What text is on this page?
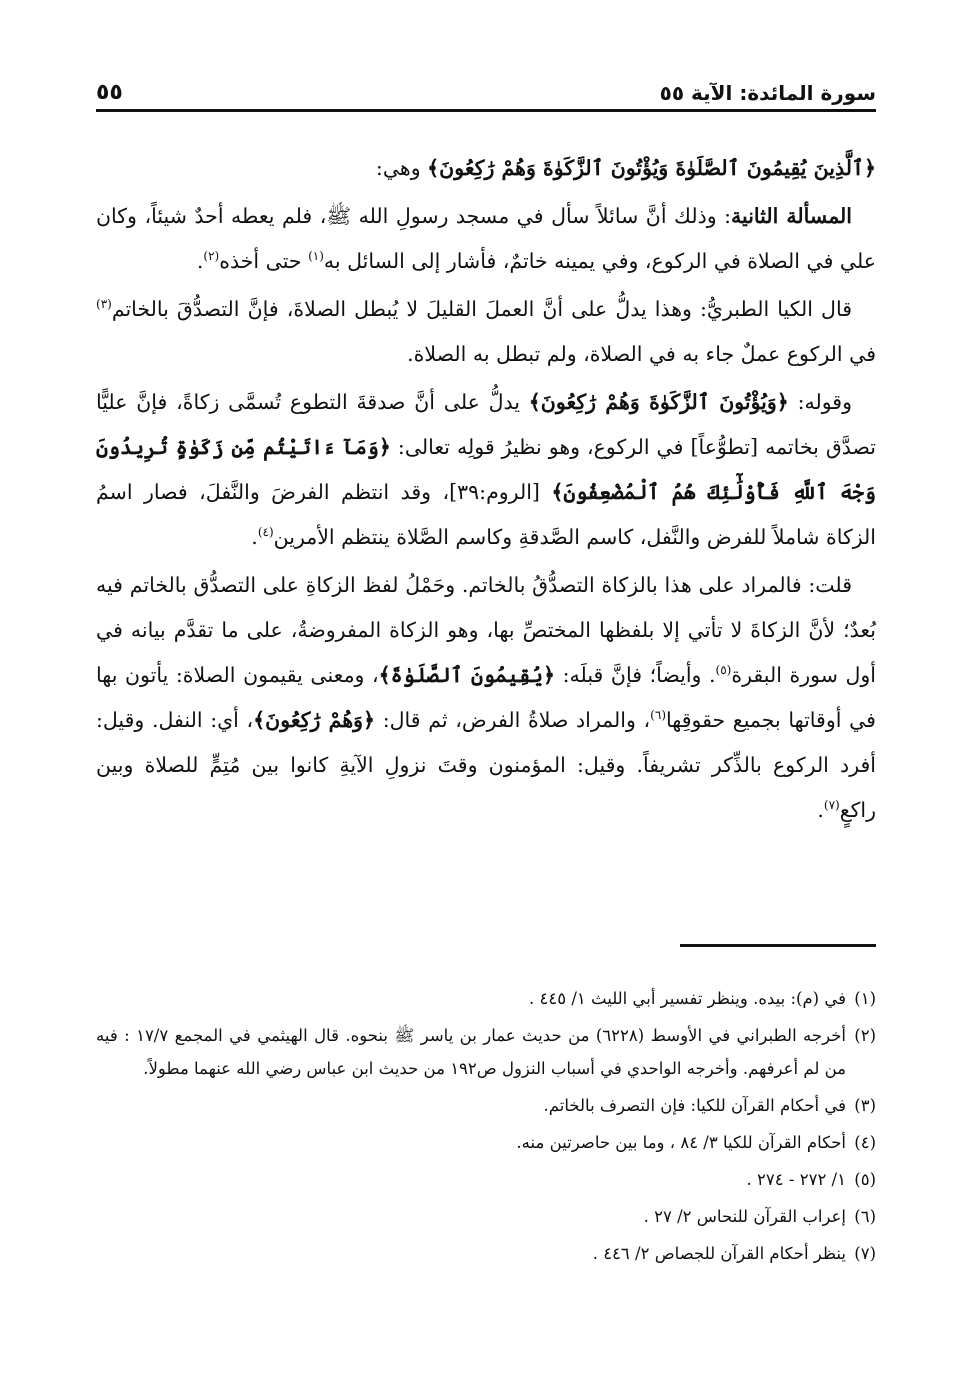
سورة المائدة: الآية ٥٥
٥٥

﴿ٱلَّذِينَ يُقِيمُونَ ٱلصَّلَوٰةَ وَيُؤْتُونَ ٱلزَّكَوٰةَ وَهُمْ رَٰكِعُونَ﴾ وهي:

المسألة الثانية: وذلك أنَّ سائلاً سأل في مسجد رسولِ الله ﷺ، فلم يعطه أحدٌ شيئاً، وكان علي في الصلاة في الركوع، وفي يمينه خاتمٌ، فأشار إلى السائل به$^{(١)}$ حتى أخذه$^{(٢)}$.

قال الكيا الطبريُّ: وهذا يدلُّ على أنَّ العملَ القليلَ لا يُبطل الصلاةَ، فإنَّ التصدُّقَ بالخاتم$^{(٣)}$ في الركوع عملٌ جاء به في الصلاة، ولم تبطل به الصلاة.

وقوله: ﴿وَيُؤْتُونَ ٱلزَّكَوٰةَ وَهُمْ رَٰكِعُونَ﴾ يدلُّ على أنَّ صدقةَ التطوع تُسمَّى زكاةً، فإنَّ عليًّا تصدَّق بخاتمه [تطوُّعاً] في الركوع، وهو نظيرُ قولِه تعالى: ﴿وَمَآ ءَاتَيْتُم مِّن زَكَوٰةٍ تُرِيدُونَ وَجْهَ ٱللَّهِ فَأُوْلَٰٓئِكَ هُمُ ٱلْمُضْعِفُونَ﴾ [الروم:٣٩]، وقد انتظم الفرضَ والنَّفلَ، فصار اسمُ الزكاة شاملاً للفرض والنَّفل، كاسم الصَّدقةِ وكاسم الصَّلاة ينتظم الأمرين$^{(٤)}$.

قلت: فالمراد على هذا بالزكاة التصدُّقُ بالخاتم. وحَمْلُ لفظ الزكاةِ على التصدُّق بالخاتم فيه بُعدٌ؛ لأنَّ الزكاةَ لا تأتي إلا بلفظها المختصِّ بها، وهو الزكاة المفروضةُ، على ما تقدَّم بيانه في أول سورة البقرة$^{(٥)}$. وأيضاً؛ فإنَّ قبلَه: ﴿يُقِيمُونَ ٱلصَّلَوٰةَ﴾، ومعنى يقيمون الصلاة: يأتون بها في أوقاتها بجميع حقوقِها$^{(٦)}$، والمراد صلاةُ الفرض، ثم قال: ﴿وَهُمْ رَٰكِعُونَ﴾، أي: النفل. وقيل: أفرد الركوع بالذِّكر تشريفاً. وقيل: المؤمنون وقتَ نزولِ الآيةِ كانوا بين مُتِمٍّ للصلاة وبين راكعٍ$^{(٧)}$.

(١)
في (م): بيده. وينظر تفسير أبي الليث ١/ ٤٤٥ .
(٢)
أخرجه الطبراني في الأوسط (٦٢٢٨) من حديث عمار بن ياسر ﷺ بنحوه. قال الهيثمي في المجمع ١٧/٧ : فيه من لم أعرفهم. وأخرجه الواحدي في أسباب النزول ص١٩٢ من حديث ابن عباس رضي الله عنهما مطولاً.
(٣)
في أحكام القرآن للكيا: فإن التصرف بالخاتم.
(٤)
أحكام القرآن للكيا ٣/ ٨٤ ، وما بين حاصرتين منه.
(٥)
١/ ٢٧٢ - ٢٧٤ .
(٦)
إعراب القرآن للنحاس ٢/ ٢٧ .
(٧)
ينظر أحكام القرآن للجصاص ٢/ ٤٤٦ .
